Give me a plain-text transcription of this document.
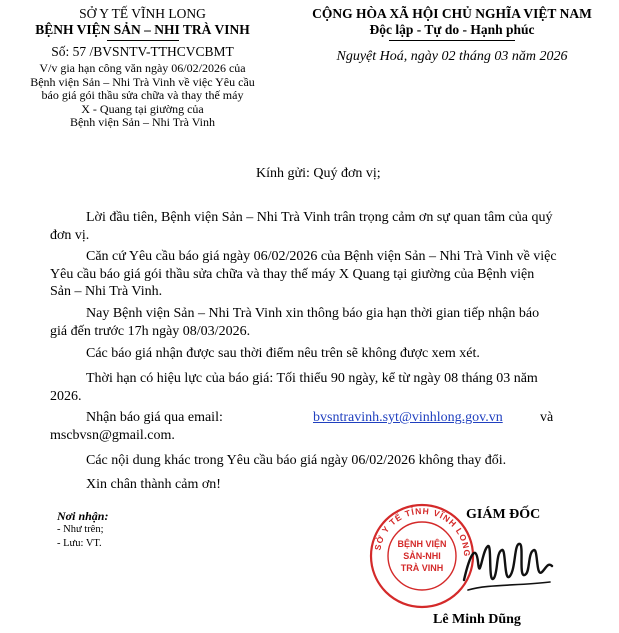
SỞ Y TẾ VĨNH LONG
BỆNH VIỆN SẢN – NHI TRÀ VINH
Số: 57 /BVSNTV-TTHCVCBMT
V/v gia hạn công văn ngày 06/02/2026 của
Bệnh viện Sản – Nhi Trà Vinh về việc Yêu cầu
báo giá gói thầu sửa chữa và thay thế máy
X - Quang tại giường của
Bệnh viện Sản – Nhi Trà Vinh
CỘNG HÒA XÃ HỘI CHỦ NGHĨA VIỆT NAM
Độc lập - Tự do - Hạnh phúc
Nguyệt Hoá, ngày 02 tháng 03 năm 2026
Kính gửi: Quý đơn vị;
Lời đầu tiên, Bệnh viện Sản – Nhi Trà Vinh trân trọng cảm ơn sự quan tâm của quý đơn vị.
Căn cứ Yêu cầu báo giá ngày 06/02/2026 của Bệnh viện Sản – Nhi Trà Vinh về việc Yêu cầu báo giá gói thầu sửa chữa và thay thế máy X Quang tại giường của Bệnh viện Sản – Nhi Trà Vinh.
Nay Bệnh viện Sản – Nhi Trà Vinh xin thông báo gia hạn thời gian tiếp nhận báo giá đến trước 17h ngày 08/03/2026.
Các báo giá nhận được sau thời điểm nêu trên sẽ không được xem xét.
Thời hạn có hiệu lực của báo giá: Tối thiểu 90 ngày, kể từ ngày 08 tháng 03 năm 2026.
Nhận báo giá qua email:	bvsntravinh.syt@vinhlong.gov.vn	và
mscbvsn@gmail.com.
Các nội dung khác trong Yêu cầu báo giá ngày 06/02/2026 không thay đổi.
Xin chân thành cảm ơn!
Nơi nhận:
- Như trên;
- Lưu: VT.
GIÁM ĐỐC
SỞ Y TẾ TỈNH VĨNH LONG
BỆNH VIỆN
SẢN-NHI
TRÀ VINH
Lê Minh Dũng
